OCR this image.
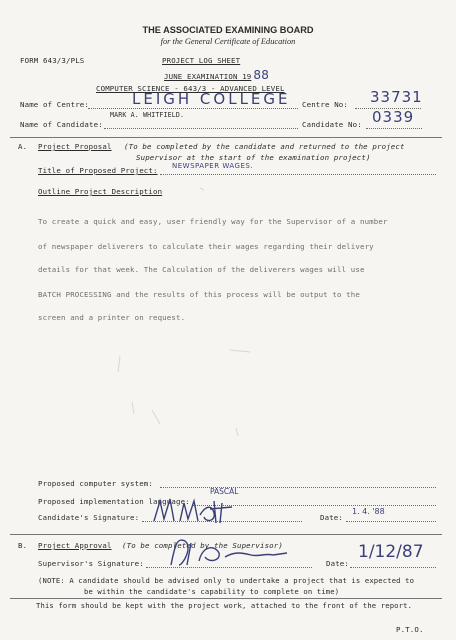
THE ASSOCIATED EXAMINING BOARD
for the General Certificate of Education
FORM 643/3/PLS	PROJECT LOG SHEET
JUNE EXAMINATION 19 88
COMPUTER SCIENCE - 643/3 - ADVANCED LEVEL
Name of Centre:	LEIGH COLLEGE Centre No: 33731
Name of Candidate:
MARK A. WHITFIELD.
Candidate No: 0339
A. Project Proposal (To be completed by the candidate and returned to the project
Supervisor at the start of the examination project)
Title of Proposed Project: NEWSPAPER WAGES.
Outline Project Description
To create a quick and easy, user friendly way for the Supervisor of a number
of newspaper deliverers to calculate their wages regarding their delivery
details for that week. The Calculation of the deliverers wages will use
BATCH PROCESSING and the results of this process will be output to the
screen and a printer on request.
Proposed computer system:
Proposed implementation language:
PASCAL
Candidate's Signature:	Date:
1. 4. '88
B. Project Approval (To be completed by the Supervisor)
Supervisor's Signature:	Date:
1/12/87
(NOTE: A candidate should be advised only to undertake a project that is expected to
be within the candidate's capability to complete on time)
This form should be kept with the project work, attached to the front of the report.
P.T.O.
